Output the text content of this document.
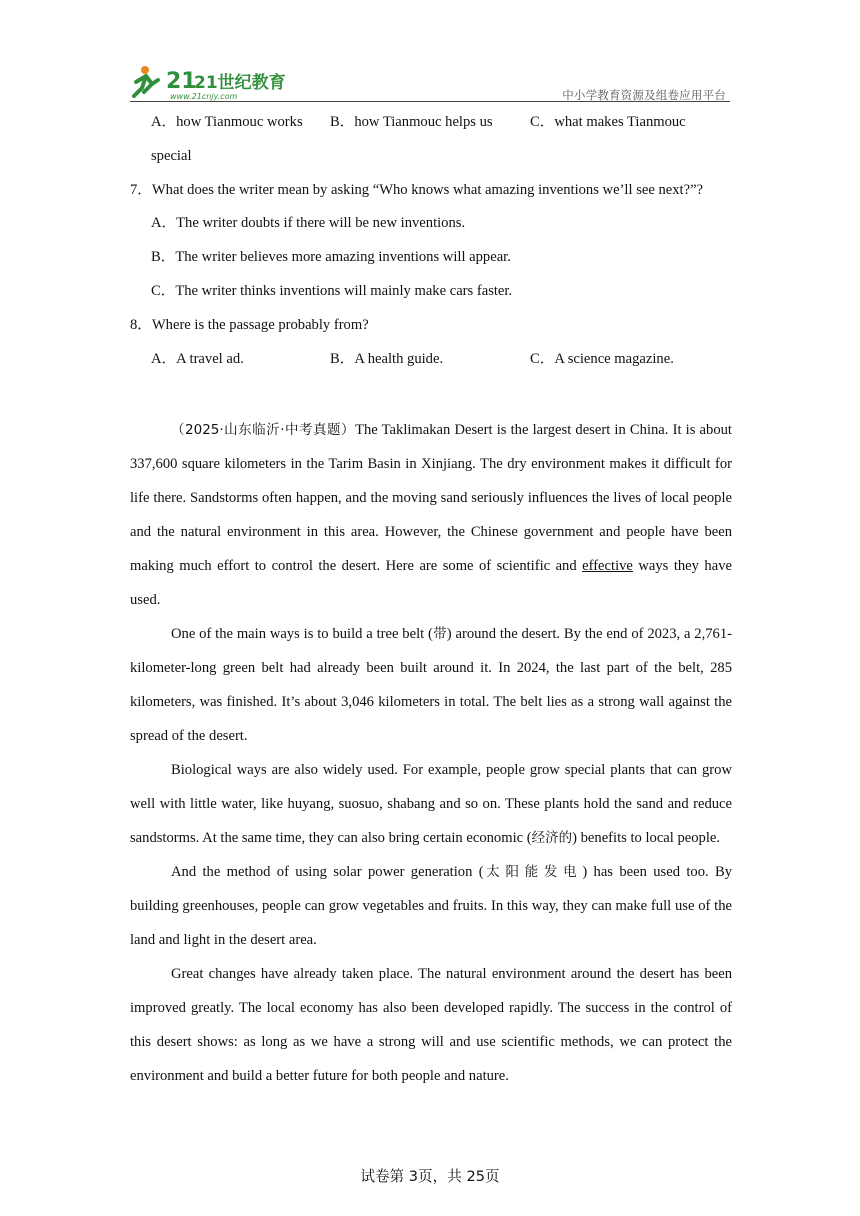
21
21世纪教育
www.21cnjy.com	中小学教育资源及组卷应用平台
A．how Tianmouc works B．how Tianmouc helps us	C．what makes Tianmouc
special
7．What does the writer mean by asking “Who knows what amazing inventions we’ll see next?”?
A．The writer doubts if there will be new inventions.
B．The writer believes more amazing inventions will appear.
C．The writer thinks inventions will mainly make cars faster.
8．Where is the passage probably from?
A．A travel ad.	B．A health guide.	C．A science magazine.

（2025·山东临沂·中考真题）The Taklimakan Desert is the largest desert in China. It is about 337,600 square kilometers in the Tarim Basin in Xinjiang. The dry environment makes it difficult for life there. Sandstorms often happen, and the moving sand seriously influences the lives of local people and the natural environment in this area. However, the Chinese government and people have been making much effort to control the desert. Here are some of scientific and effective ways they have used.

One of the main ways is to build a tree belt (带) around the desert. By the end of 2023, a 2,761-kilometer-long green belt had already been built around it. In 2024, the last part of the belt, 285 kilometers, was finished. It’s about 3,046 kilometers in total. The belt lies as a strong wall against the spread of the desert.

Biological ways are also widely used. For example, people grow special plants that can grow well with little water, like huyang, suosuo, shabang and so on. These plants hold the sand and reduce sandstorms. At the same time, they can also bring certain economic (经济的) benefits to local people.

And the method of using solar power generation (太阳能发电) has been used too. By building greenhouses, people can grow vegetables and fruits. In this way, they can make full use of the land and light in the desert area.

Great changes have already taken place. The natural environment around the desert has been improved greatly. The local economy has also been developed rapidly. The success in the control of this desert shows: as long as we have a strong will and use scientific methods, we can protect the environment and build a better future for both people and nature.

试卷第 3页，共 25页
